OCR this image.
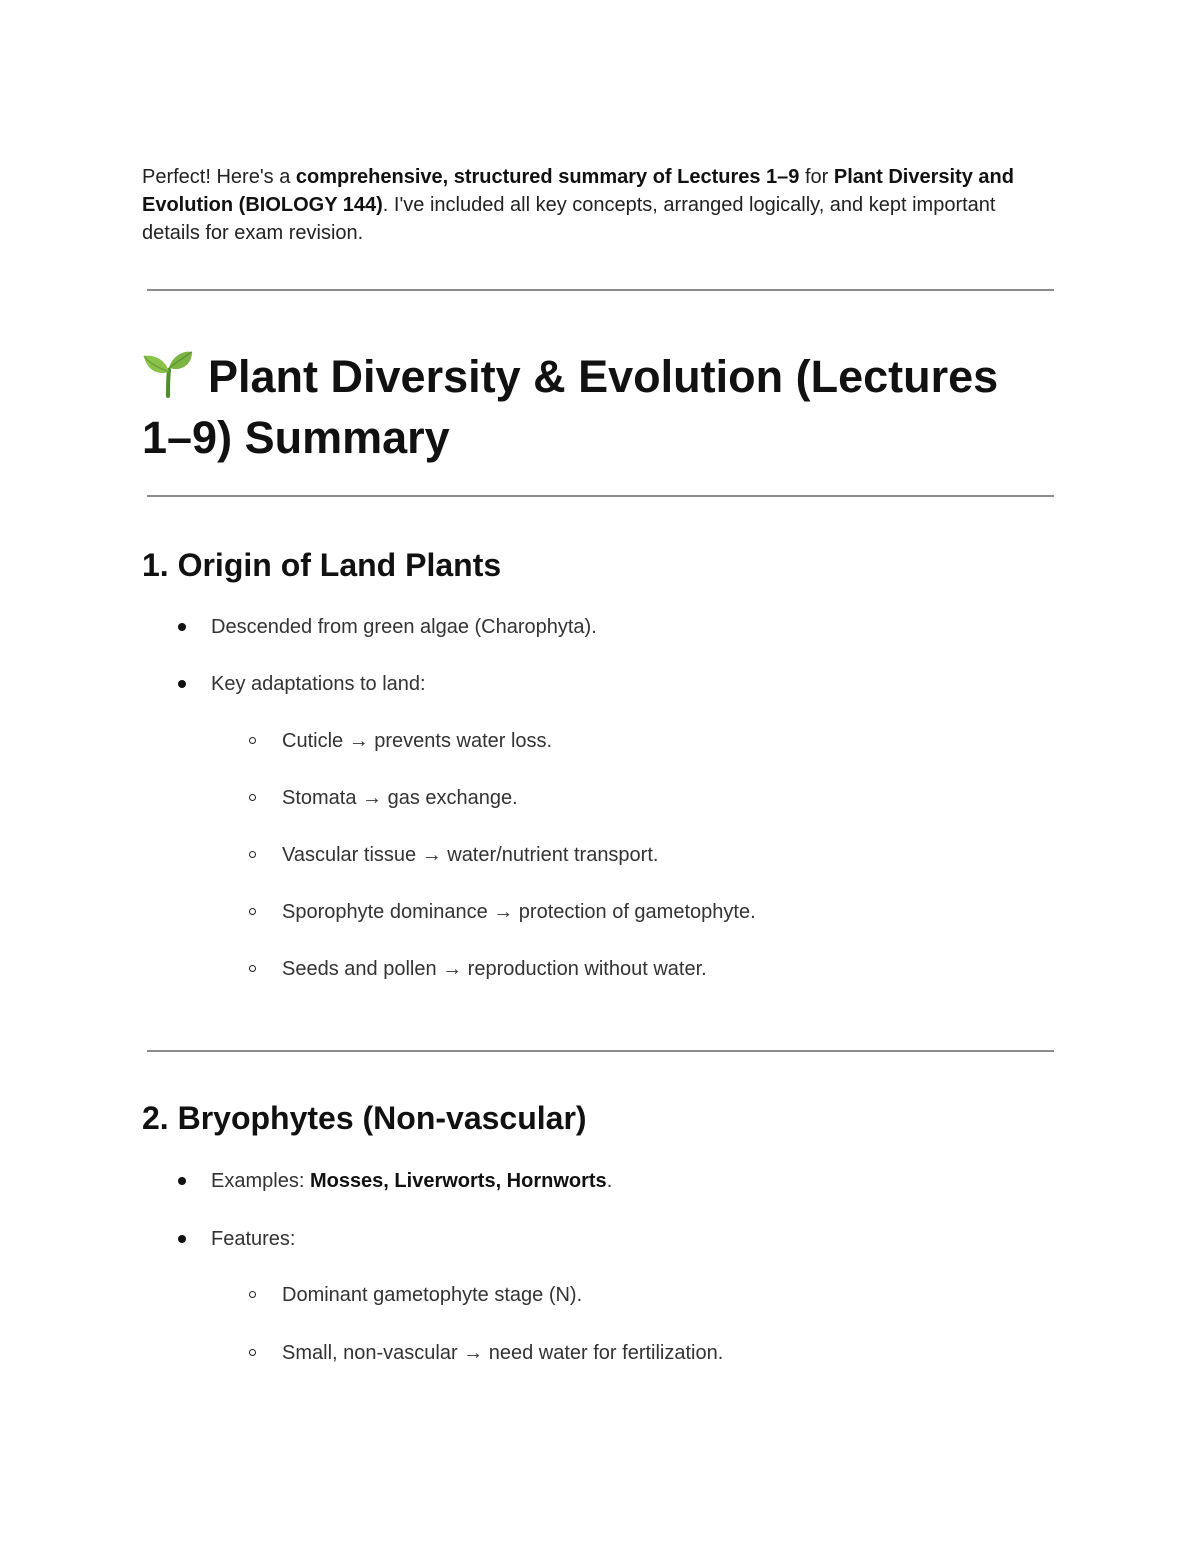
Perfect! Here's a comprehensive, structured summary of Lectures 1–9 for Plant Diversity and Evolution (BIOLOGY 144). I've included all key concepts, arranged logically, and kept important details for exam revision.

Plant Diversity & Evolution (Lectures 1–9) Summary
1. Origin of Land Plants
Descended from green algae (Charophyta).
Key adaptations to land:
Cuticle → prevents water loss.
Stomata → gas exchange.
Vascular tissue → water/nutrient transport.
Sporophyte dominance → protection of gametophyte.
Seeds and pollen → reproduction without water.
2. Bryophytes (Non-vascular)
Examples: Mosses, Liverworts, Hornworts.
Features:
Dominant gametophyte stage (N).
Small, non-vascular → need water for fertilization.
